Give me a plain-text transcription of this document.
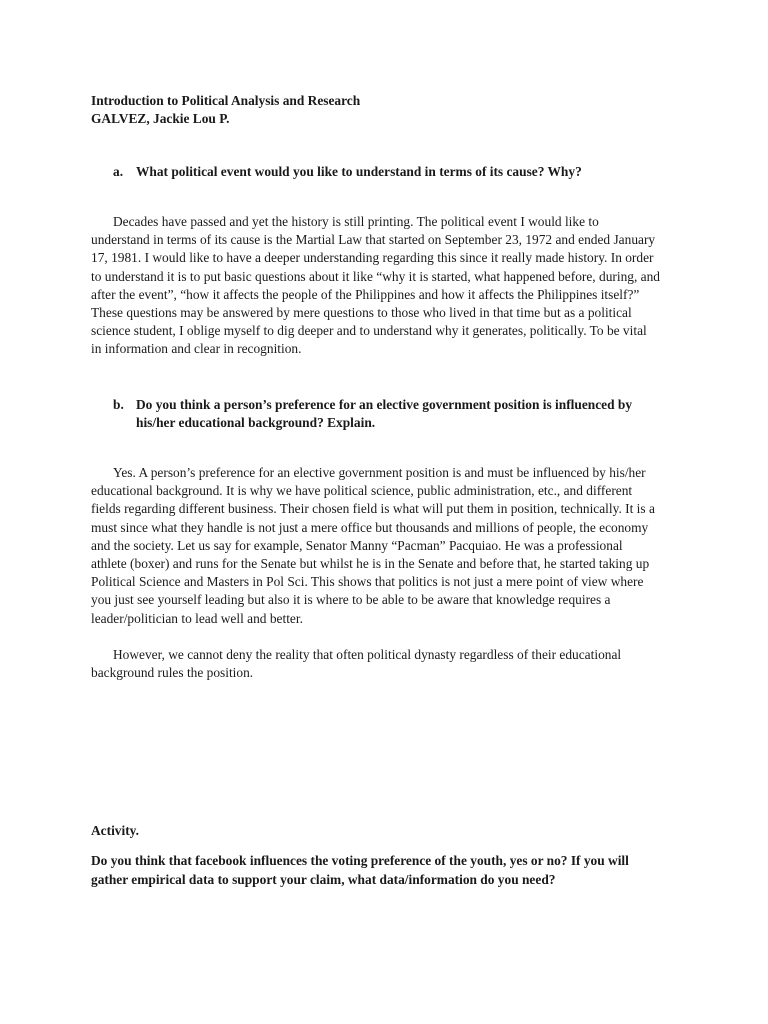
Introduction to Political Analysis and Research
GALVEZ, Jackie Lou P.
a. What political event would you like to understand in terms of its cause? Why?

Decades have passed and yet the history is still printing. The political event I would like to
understand in terms of its cause is the Martial Law that started on September 23, 1972 and ended January
17, 1981. I would like to have a deeper understanding regarding this since it really made history. In order
to understand it is to put basic questions about it like “why it is started, what happened before, during, and
after the event”, “how it affects the people of the Philippines and how it affects the Philippines itself?”
These questions may be answered by mere questions to those who lived in that time but as a political
science student, I oblige myself to dig deeper and to understand why it generates, politically. To be vital
in information and clear in recognition.

b. Do you think a person’s preference for an elective government position is influenced by
his/her educational background? Explain.

Yes. A person’s preference for an elective government position is and must be influenced by his/her
educational background. It is why we have political science, public administration, etc., and different
fields regarding different business. Their chosen field is what will put them in position, technically. It is a
must since what they handle is not just a mere office but thousands and millions of people, the economy
and the society. Let us say for example, Senator Manny “Pacman” Pacquiao. He was a professional
athlete (boxer) and runs for the Senate but whilst he is in the Senate and before that, he started taking up
Political Science and Masters in Pol Sci. This shows that politics is not just a mere point of view where
you just see yourself leading but also it is where to be able to be aware that knowledge requires a
leader/politician to lead well and better.

However, we cannot deny the reality that often political dynasty regardless of their educational
background rules the position.

Activity.
Do you think that facebook influences the voting preference of the youth, yes or no? If you will
gather empirical data to support your claim, what data/information do you need?
